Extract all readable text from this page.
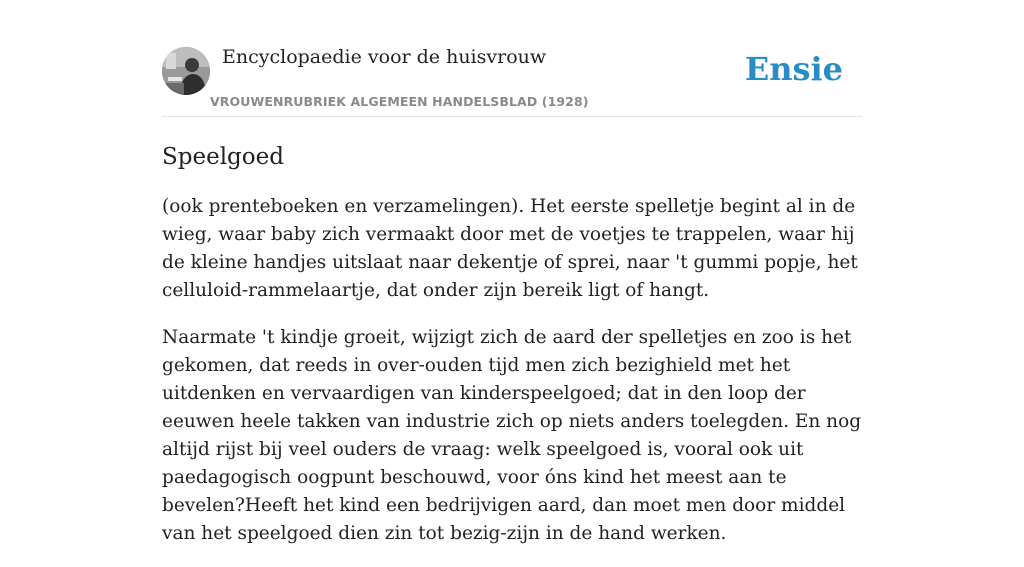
Encyclopaedie voor de huisvrouw
VROUWENRUBRIEK ALGEMEEN HANDELSBLAD (1928)
Ensie
Speelgoed

(ook prenteboeken en verzamelingen). Het eerste spelletje begint al in de wieg, waar baby zich vermaakt door met de voetjes te trappelen, waar hij de kleine handjes uitslaat naar dekentje of sprei, naar 't gummi popje, het celluloid-rammelaartje, dat onder zijn bereik ligt of hangt.

Naarmate 't kindje groeit, wijzigt zich de aard der spelletjes en zoo is het gekomen, dat reeds in over-ouden tijd men zich bezighield met het uitdenken en vervaardigen van kinderspeelgoed; dat in den loop der eeuwen heele takken van industrie zich op niets anders toelegden. En nog altijd rijst bij veel ouders de vraag: welk speelgoed is, vooral ook uit paedagogisch oogpunt beschouwd, voor óns kind het meest aan te bevelen?Heeft het kind een bedrijvigen aard, dan moet men door middel van het speelgoed dien zin tot bezig-zijn in de hand werken.
